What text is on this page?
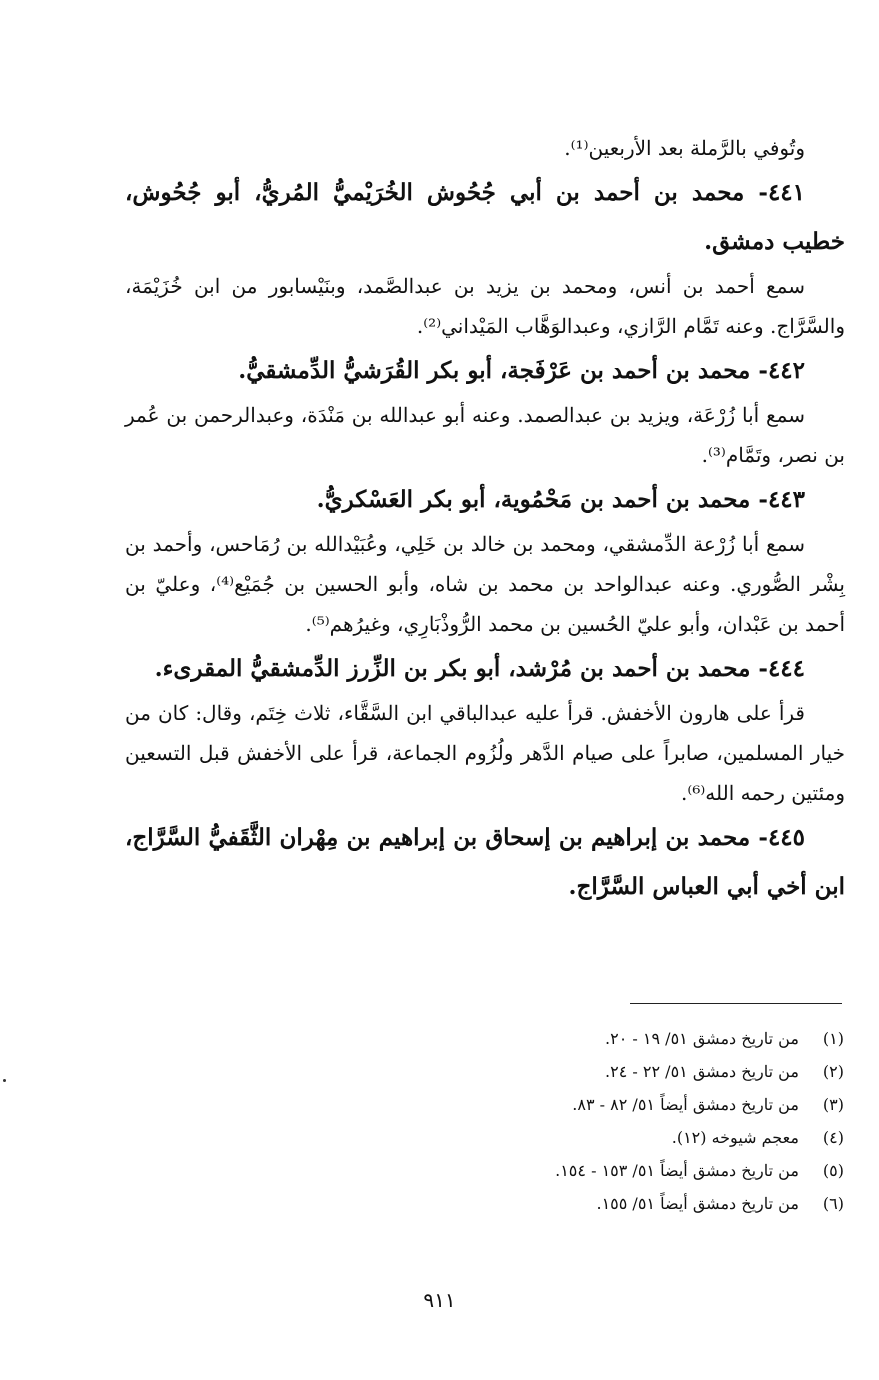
وتُوفي بالرَّملة بعد الأربعين⁽¹⁾.

٤٤١- محمد بن أحمد بن أبي جُحُوش الخُرَيْميُّ المُريُّ، أبو جُحُوش، خطيب دمشق.

سمع أحمد بن أنس، ومحمد بن يزيد بن عبدالصَّمد، وبنَيْسابور من ابن خُزَيْمَة، والسَّرَّاج. وعنه تَمَّام الرَّازي، وعبدالوَهَّاب المَيْداني⁽²⁾.

٤٤٢- محمد بن أحمد بن عَرْفَجة، أبو بكر القُرَشيُّ الدِّمشقيُّ.

سمع أبا زُرْعَة، ويزيد بن عبدالصمد. وعنه أبو عبدالله بن مَنْدَة، وعبدالرحمن بن عُمر بن نصر، وتَمَّام⁽³⁾.

٤٤٣- محمد بن أحمد بن مَحْمُوية، أبو بكر العَسْكريُّ.

سمع أبا زُرْعة الدِّمشقي، ومحمد بن خالد بن خَلِي، وعُبَيْدالله بن رُمَاحس، وأحمد بن بِشْر الصُّوري. وعنه عبدالواحد بن محمد بن شاه، وأبو الحسين بن جُمَيْع⁽⁴⁾، وعليّ بن أحمد بن عَبْدان، وأبو عليّ الحُسين بن محمد الرُّوذْبَارِي، وغيرُهم⁽⁵⁾.

٤٤٤- محمد بن أحمد بن مُرْشد، أبو بكر بن الزِّرز الدِّمشقيُّ المقرىء.

قرأ على هارون الأخفش. قرأ عليه عبدالباقي ابن السَّقَّاء، ثلاث خِتَم، وقال: كان من خيار المسلمين، صابراً على صيام الدَّهر ولُزُوم الجماعة، قرأ على الأخفش قبل التسعين ومئتين رحمه الله⁽⁶⁾.

٤٤٥- محمد بن إبراهيم بن إسحاق بن إبراهيم بن مِهْران الثَّقَفيُّ السَّرَّاج، ابن أخي أبي العباس السَّرَّاج.

(١) من تاريخ دمشق ٥١/ ١٩ - ٢٠.

(٢) من تاريخ دمشق ٥١/ ٢٢ - ٢٤.

(٣) من تاريخ دمشق أيضاً ٥١/ ٨٢ - ٨٣.

(٤) معجم شيوخه (١٢).

(٥) من تاريخ دمشق أيضاً ٥١/ ١٥٣ - ١٥٤.

(٦) من تاريخ دمشق أيضاً ٥١/ ١٥٥.

٩١١
